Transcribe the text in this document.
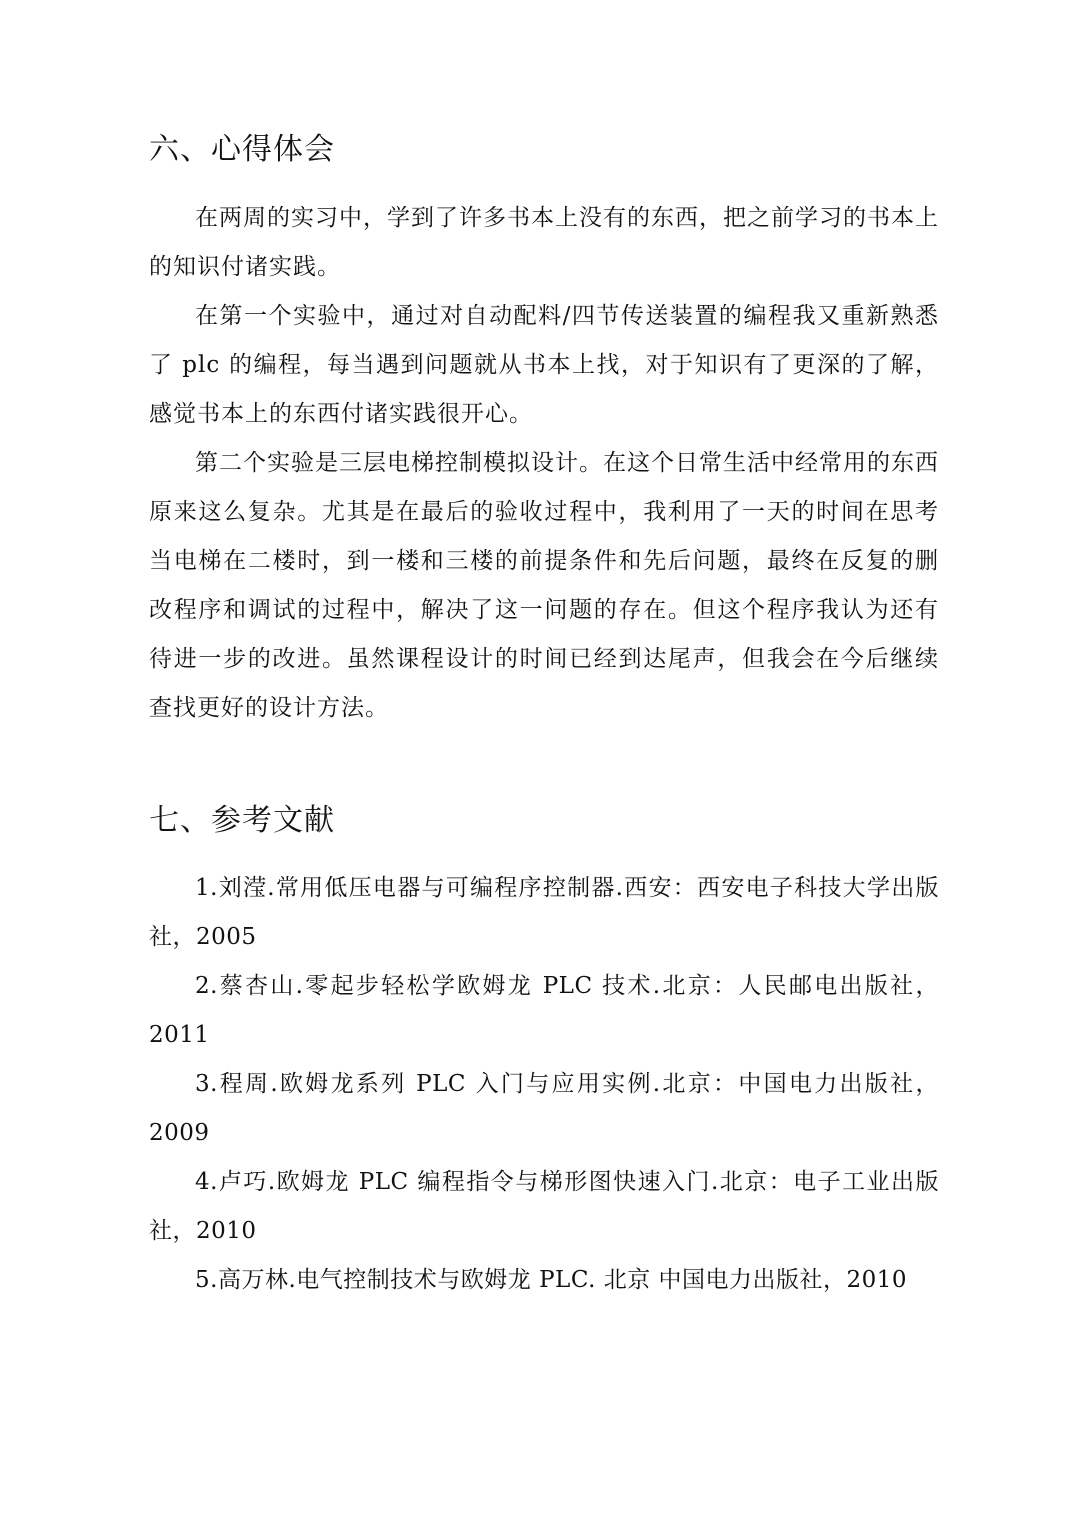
六、心得体会

在两周的实习中，学到了许多书本上没有的东西，把之前学习的书本上的知识付诸实践。

在第一个实验中，通过对自动配料/四节传送装置的编程我又重新熟悉了 plc 的编程，每当遇到问题就从书本上找，对于知识有了更深的了解，感觉书本上的东西付诸实践很开心。

第二个实验是三层电梯控制模拟设计。在这个日常生活中经常用的东西原来这么复杂。尤其是在最后的验收过程中，我利用了一天的时间在思考当电梯在二楼时，到一楼和三楼的前提条件和先后问题，最终在反复的删改程序和调试的过程中，解决了这一问题的存在。但这个程序我认为还有待进一步的改进。虽然课程设计的时间已经到达尾声，但我会在今后继续查找更好的设计方法。

七、参考文献

1.刘滢.常用低压电器与可编程序控制器.西安：西安电子科技大学出版社，2005

2.蔡杏山.零起步轻松学欧姆龙 PLC 技术.北京：人民邮电出版社，2011

3.程周.欧姆龙系列 PLC 入门与应用实例.北京：中国电力出版社，2009

4.卢巧.欧姆龙 PLC 编程指令与梯形图快速入门.北京：电子工业出版社，2010

5.高万林.电气控制技术与欧姆龙 PLC. 北京 中国电力出版社，2010
